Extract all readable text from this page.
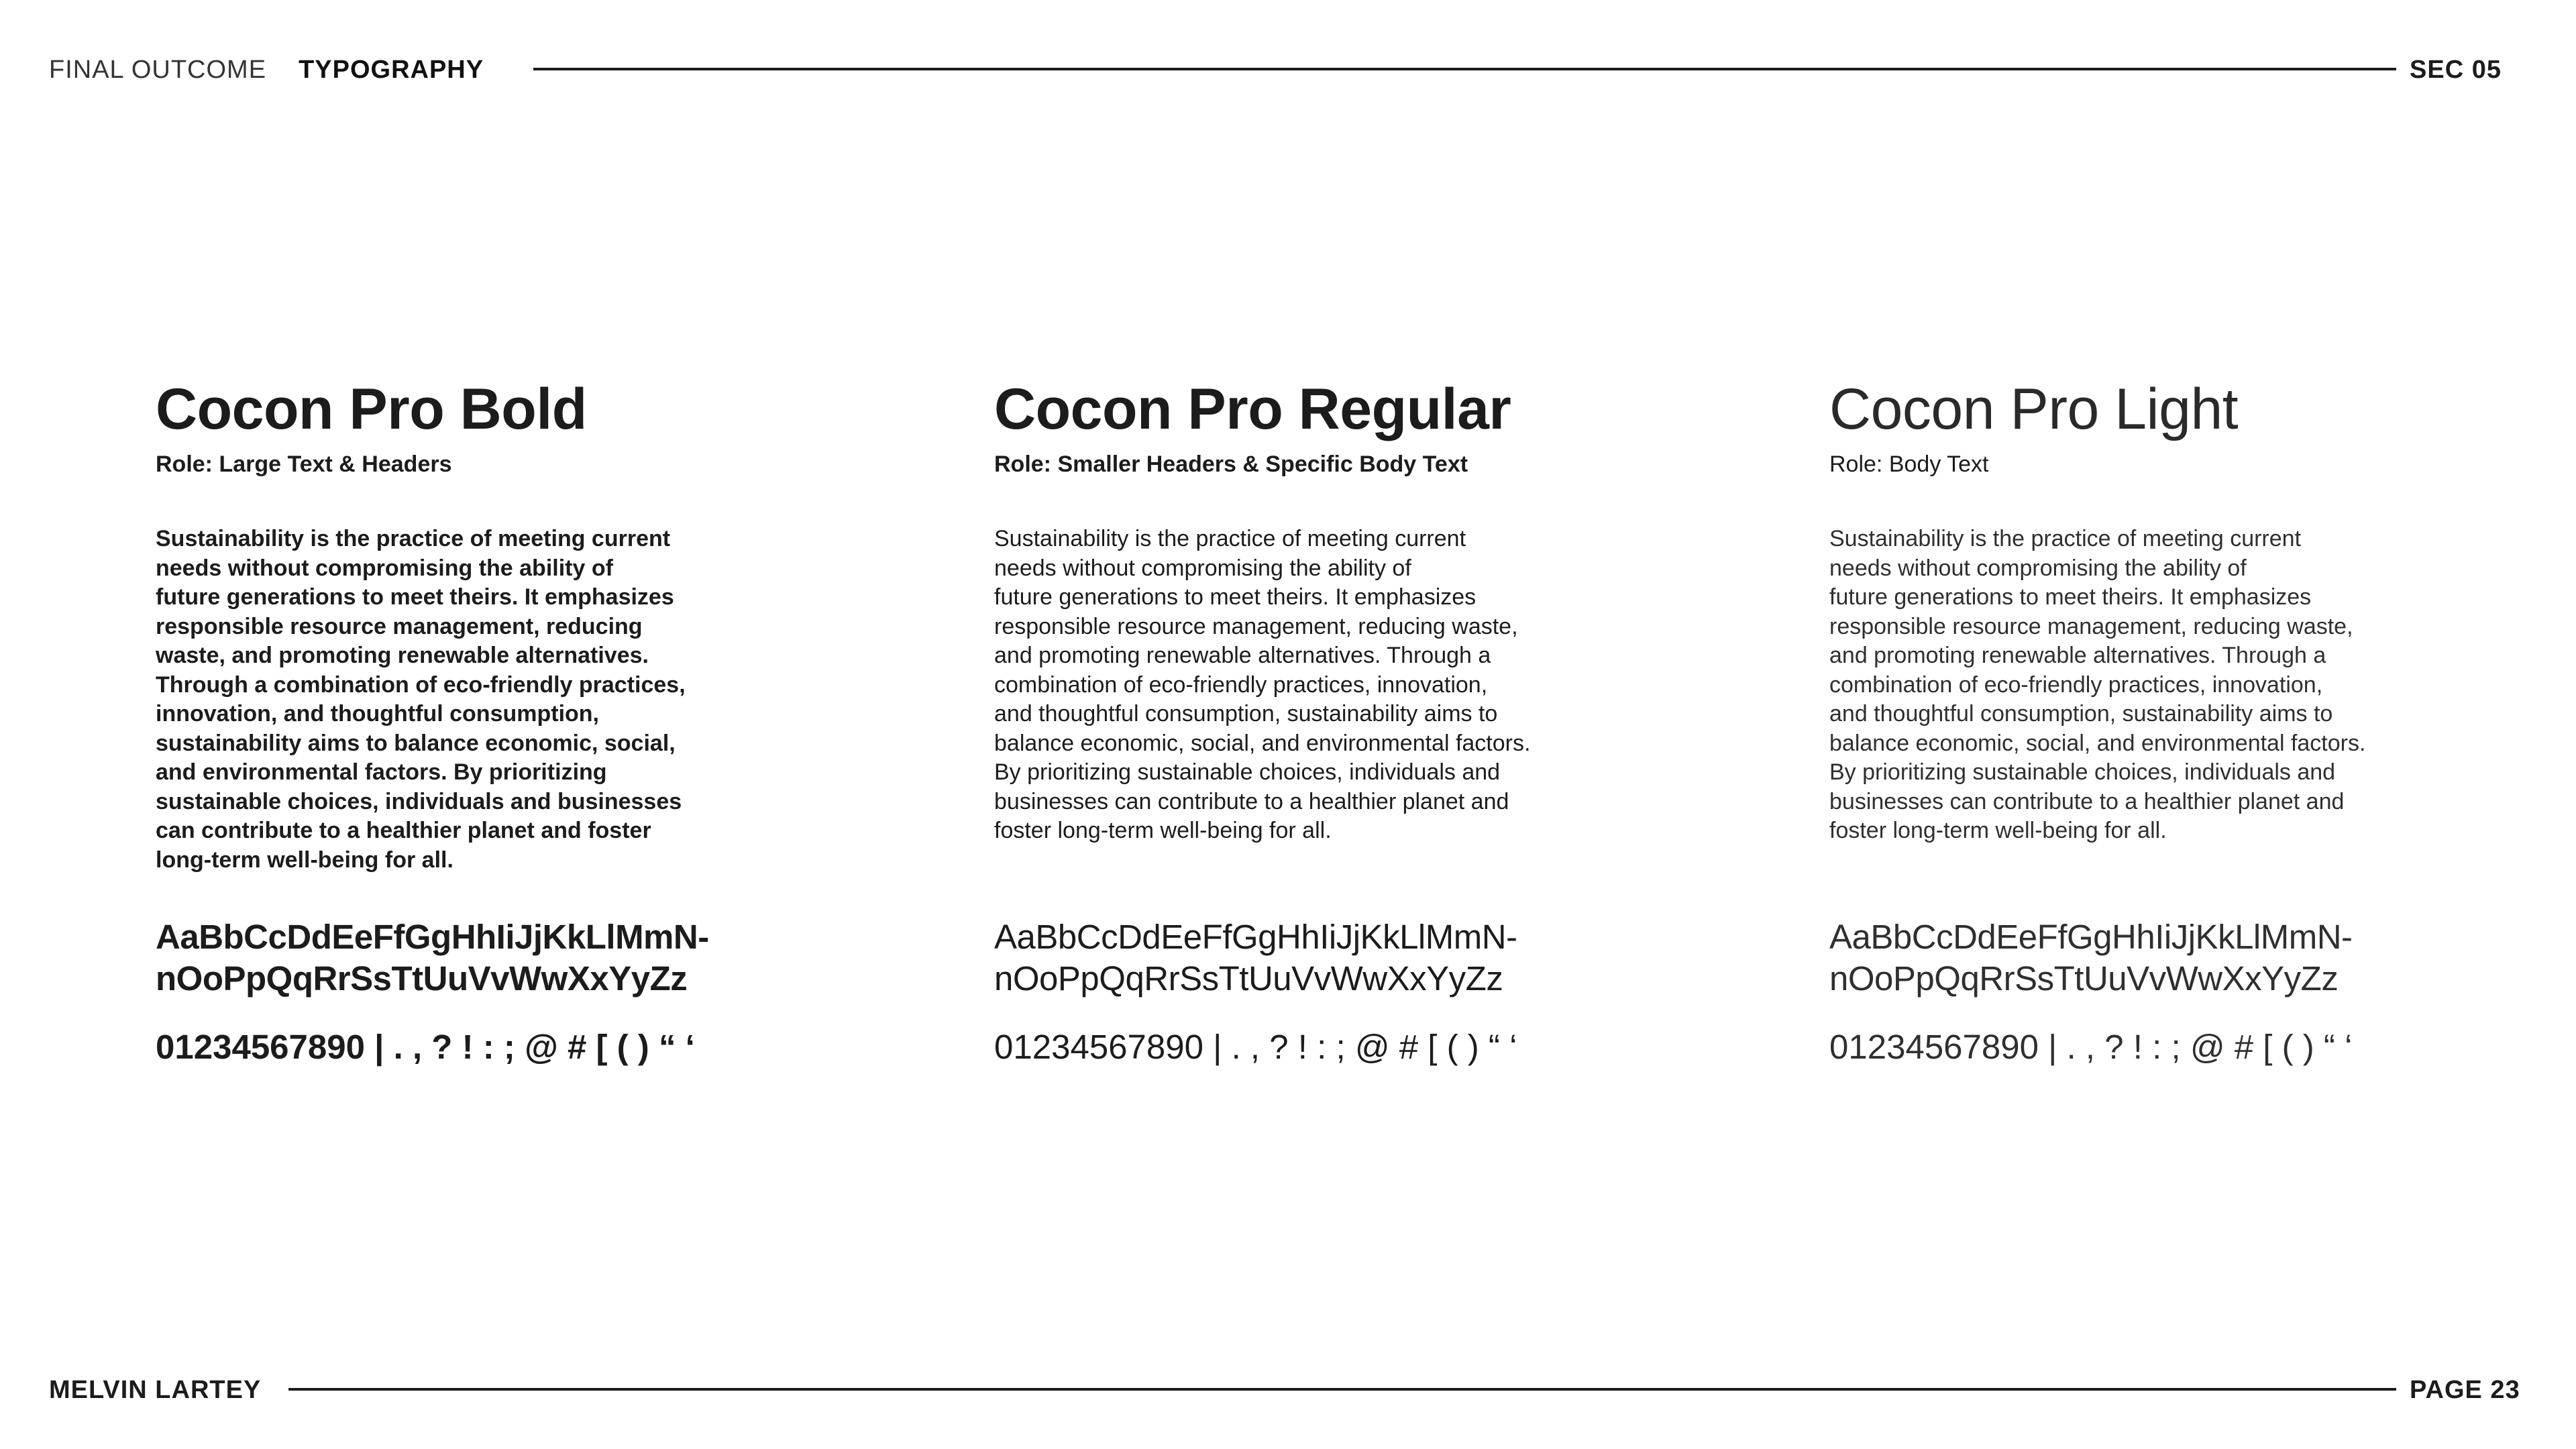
FINAL OUTCOME TYPOGRAPHY	SEC 05
Cocon Pro Bold
Role: Large Text & Headers
Sustainability is the practice of meeting current
needs without compromising the ability of
future generations to meet theirs. It emphasizes
responsible resource management, reducing
waste, and promoting renewable alternatives.
Through a combination of eco-friendly practices,
innovation, and thoughtful consumption,
sustainability aims to balance economic, social,
and environmental factors. By prioritizing
sustainable choices, individuals and businesses
can contribute to a healthier planet and foster
long-term well-being for all.
AaBbCcDdEeFfGgHhIiJjKkLlMmN-
nOoPpQqRrSsTtUuVvWwXxYyZz
01234567890 | . , ? ! : ; @ # [ ( ) “ ‘
Cocon Pro Regular
Role: Smaller Headers & Specific Body Text
Sustainability is the practice of meeting current
needs without compromising the ability of
future generations to meet theirs. It emphasizes
responsible resource management, reducing waste,
and promoting renewable alternatives. Through a
combination of eco-friendly practices, innovation,
and thoughtful consumption, sustainability aims to
balance economic, social, and environmental factors.
By prioritizing sustainable choices, individuals and
businesses can contribute to a healthier planet and
foster long-term well-being for all.
AaBbCcDdEeFfGgHhIiJjKkLlMmN-
nOoPpQqRrSsTtUuVvWwXxYyZz
01234567890 | . , ? ! : ; @ # [ ( ) “ ‘
Cocon Pro Light
Role: Body Text
Sustainability is the practice of meeting current
needs without compromising the ability of
future generations to meet theirs. It emphasizes
responsible resource management, reducing waste,
and promoting renewable alternatives. Through a
combination of eco-friendly practices, innovation,
and thoughtful consumption, sustainability aims to
balance economic, social, and environmental factors.
By prioritizing sustainable choices, individuals and
businesses can contribute to a healthier planet and
foster long-term well-being for all.
AaBbCcDdEeFfGgHhIiJjKkLlMmN-
nOoPpQqRrSsTtUuVvWwXxYyZz
01234567890 | . , ? ! : ; @ # [ ( ) “ ‘
MELVIN LARTEY	PAGE 23
